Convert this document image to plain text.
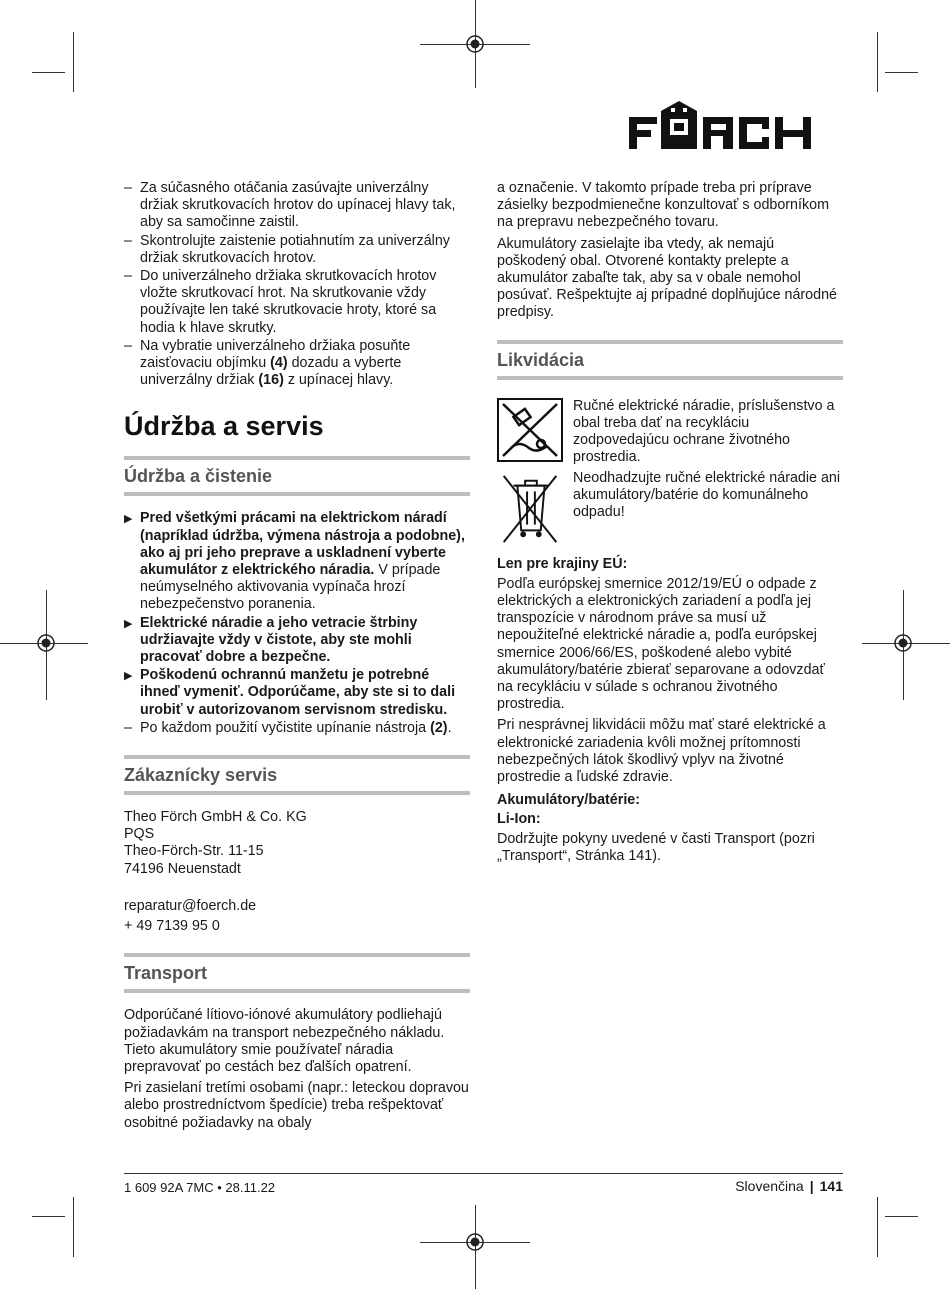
– Za súčasného otáčania zasúvajte univerzálny držiak skrutkovacích hrotov do upínacej hlavy tak, aby sa samočinne zaistil.
– Skontrolujte zaistenie potiahnutím za univerzálny držiak skrutkovacích hrotov.
– Do univerzálneho držiaka skrutkovacích hrotov vložte skrutkovací hrot. Na skrutkovanie vždy používajte len také skrutkovacie hroty, ktoré sa hodia k hlave skrutky.
– Na vybratie univerzálneho držiaka posuňte zaisťovaciu objímku (4) dozadu a vyberte univerzálny držiak (16) z upínacej hlavy.
Údržba a servis
Údržba a čistenie
▶ Pred všetkými prácami na elektrickom náradí (napríklad údržba, výmena nástroja a podobne), ako aj pri jeho preprave a uskladnení vyberte akumulátor z elektrického náradia. V prípade neúmyselného aktivovania vypínača hrozí nebezpečenstvo poranenia.
▶ Elektrické náradie a jeho vetracie štrbiny udržiavajte vždy v čistote, aby ste mohli pracovať dobre a bezpečne.
▶ Poškodenú ochrannú manžetu je potrebné ihneď vymeniť. Odporúčame, aby ste si to dali urobiť v autorizovanom servisnom stredisku.
– Po každom použití vyčistite upínanie nástroja (2).
Zákaznícky servis
Theo Förch GmbH & Co. KG
PQS
Theo-Förch-Str. 11-15
74196 Neuenstadt
reparatur@foerch.de
+ 49 7139 95 0
Transport

Odporúčané lítiovo-iónové akumulátory podliehajú požiadavkám na transport nebezpečného nákladu. Tieto akumulátory smie používateľ náradia prepravovať po cestách bez ďalších opatrení.

Pri zasielaní tretími osobami (napr.: leteckou dopravou alebo prostredníctvom špedície) treba rešpektovať osobitné požiadavky na obaly

a označenie. V takomto prípade treba pri príprave zásielky bezpodmienečne konzultovať s odborníkom na prepravu nebezpečného tovaru.

Akumulátory zasielajte iba vtedy, ak nemajú poškodený obal. Otvorené kontakty prelepte a akumulátor zabaľte tak, aby sa v obale nemohol posúvať. Rešpektujte aj prípadné doplňujúce národné predpisy.

Likvidácia
Ručné elektrické náradie, príslušenstvo a obal treba dať na recykláciu zodpovedajúcu ochrane životného prostredia.
Neodhadzujte ručné elektrické náradie ani akumulátory/batérie do komunálneho odpadu!
Len pre krajiny EÚ:

Podľa európskej smernice 2012/19/EÚ o odpade z elektrických a elektronických zariadení a podľa jej transpozície v národnom práve sa musí už nepoužiteľné elektrické náradie a, podľa európskej smernice 2006/66/ES, poškodené alebo vybité akumulátory/batérie zbierať separovane a odovzdať na recykláciu v súlade s ochranou životného prostredia.

Pri nesprávnej likvidácii môžu mať staré elektrické a elektronické zariadenia kvôli možnej prítomnosti nebezpečných látok škodlivý vplyv na životné prostredie a ľudské zdravie.

Akumulátory/batérie:
Li-Ion:

Dodržujte pokyny uvedené v časti Transport (pozri „Transport“, Stránka 141).

1 609 92A 7MC • 28.11.22	Slovenčina | 141
